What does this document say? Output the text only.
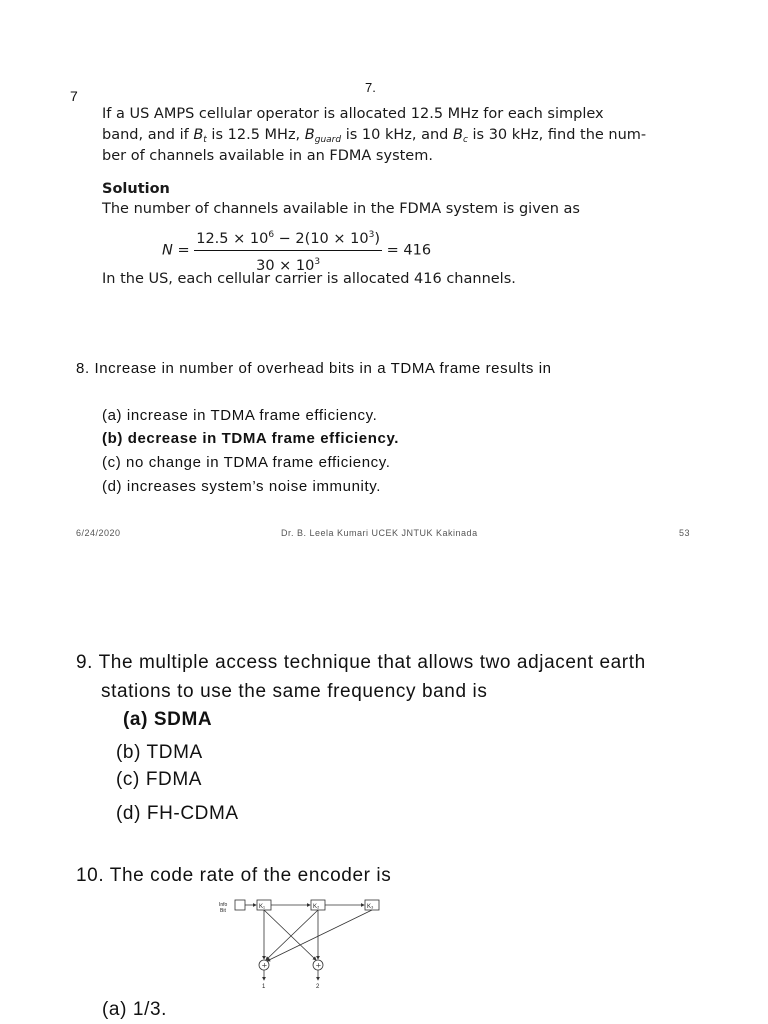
7
7.
If a US AMPS cellular operator is allocated 12.5 MHz for each simplex
band, and if $B_t$ is 12.5 MHz, $B_{guard}$ is 10 kHz, and $B_c$ is 30 kHz, find the num-
ber of channels available in an FDMA system.
Solution
The number of channels available in the FDMA system is given as
$N = \frac{12.5 \times 10^6 - 2(10 \times 10^3)}{30 \times 10^3} = 416$
In the US, each cellular carrier is allocated 416 channels.
8. Increase in number of overhead bits in a TDMA frame results in
(a) increase in TDMA frame efficiency.
(b) decrease in TDMA frame efficiency.
(c) no change in TDMA frame efficiency.
(d) increases system’s noise immunity.
6/24/2020	Dr. B. Leela Kumari UCEK JNTUK Kakinada	53
9. The multiple access technique that allows two adjacent earth
stations to use the same frequency band is
(a) SDMA
(b) TDMA
(c) FDMA
(d) FH-CDMA
10. The code rate of the encoder is
Info
Bit
K₁	K₂	K₃
+	+
1	2
(a) 1/3.
